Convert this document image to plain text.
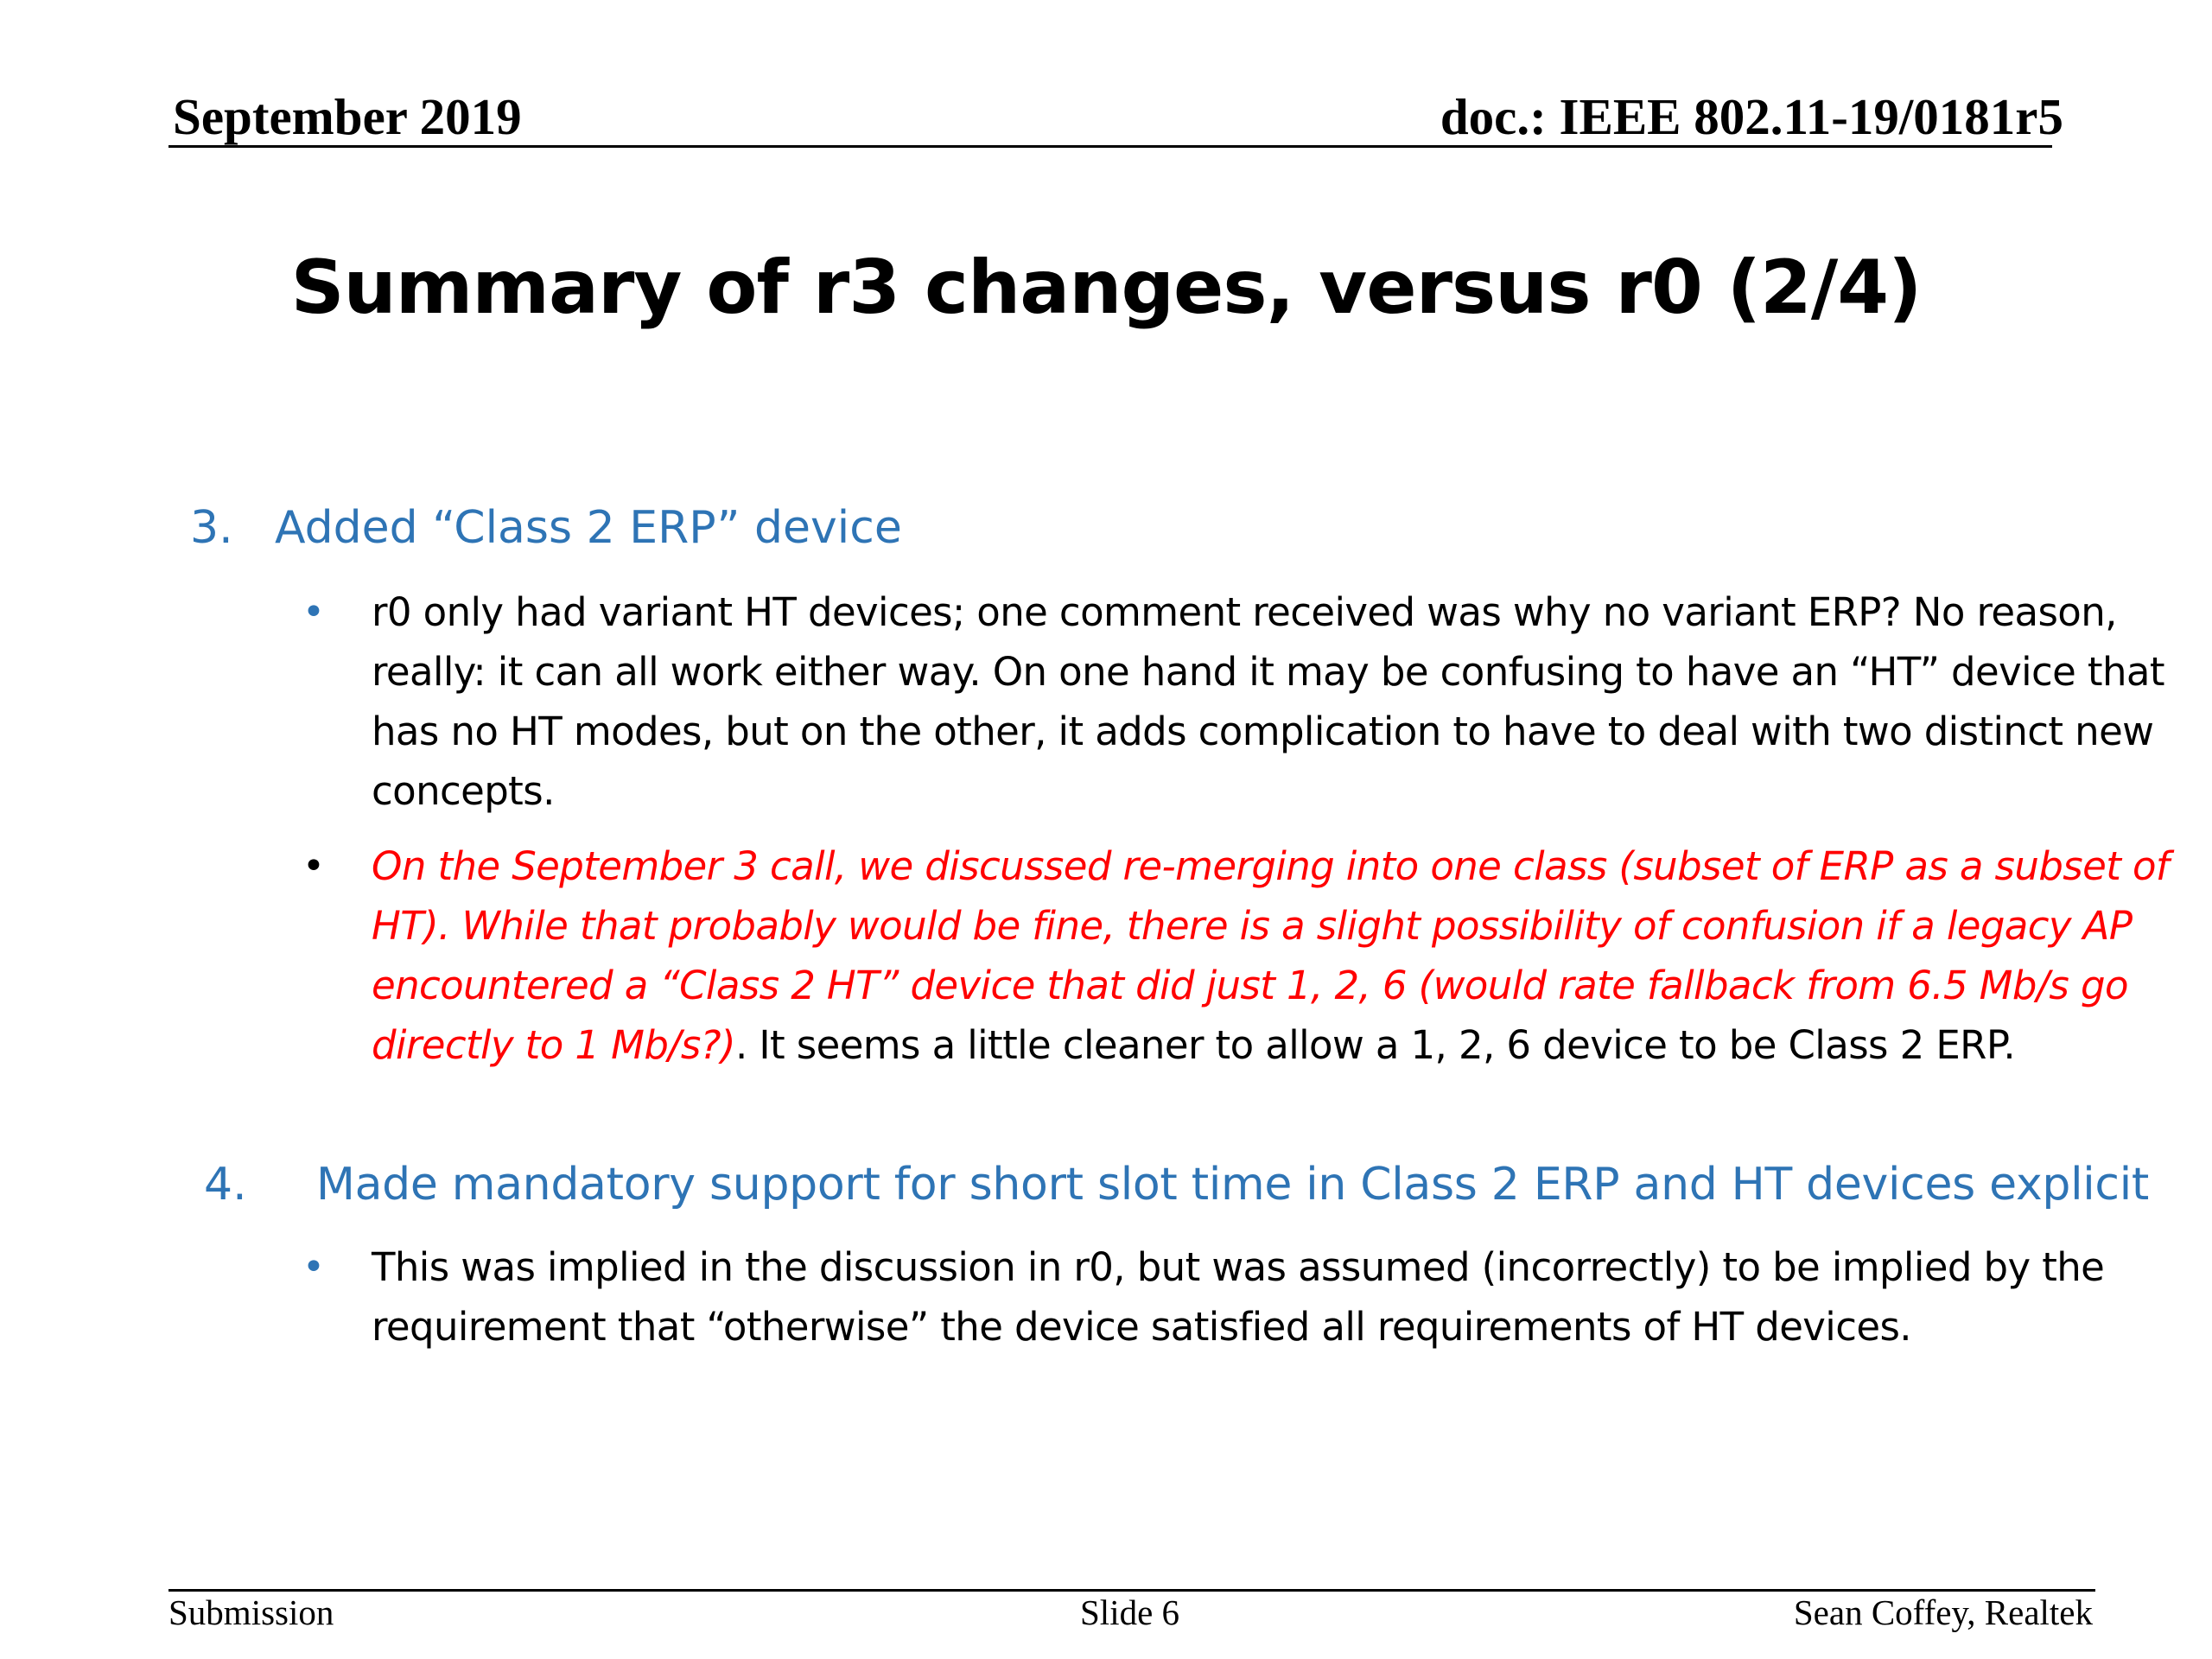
September 2019	doc.: IEEE 802.11-19/0181r5
Summary of r3 changes, versus r0 (2/4)
3. Added “Class 2 ERP” device
• r0 only had variant HT devices; one comment received was why no variant ERP? No reason, really: it can all work either way. On one hand it may be confusing to have an “HT” device that has no HT modes, but on the other, it adds complication to have to deal with two distinct new concepts.
• On the September 3 call, we discussed re-merging into one class (subset of ERP as a subset of HT). While that probably would be fine, there is a slight possibility of confusion if a legacy AP encountered a “Class 2 HT” device that did just 1, 2, 6 (would rate fallback from 6.5 Mb/s go directly to 1 Mb/s?). It seems a little cleaner to allow a 1, 2, 6 device to be Class 2 ERP.
4. Made mandatory support for short slot time in Class 2 ERP and HT devices explicit
• This was implied in the discussion in r0, but was assumed (incorrectly) to be implied by the requirement that “otherwise” the device satisfied all requirements of HT devices.
Submission	Slide 6	Sean Coffey, Realtek
